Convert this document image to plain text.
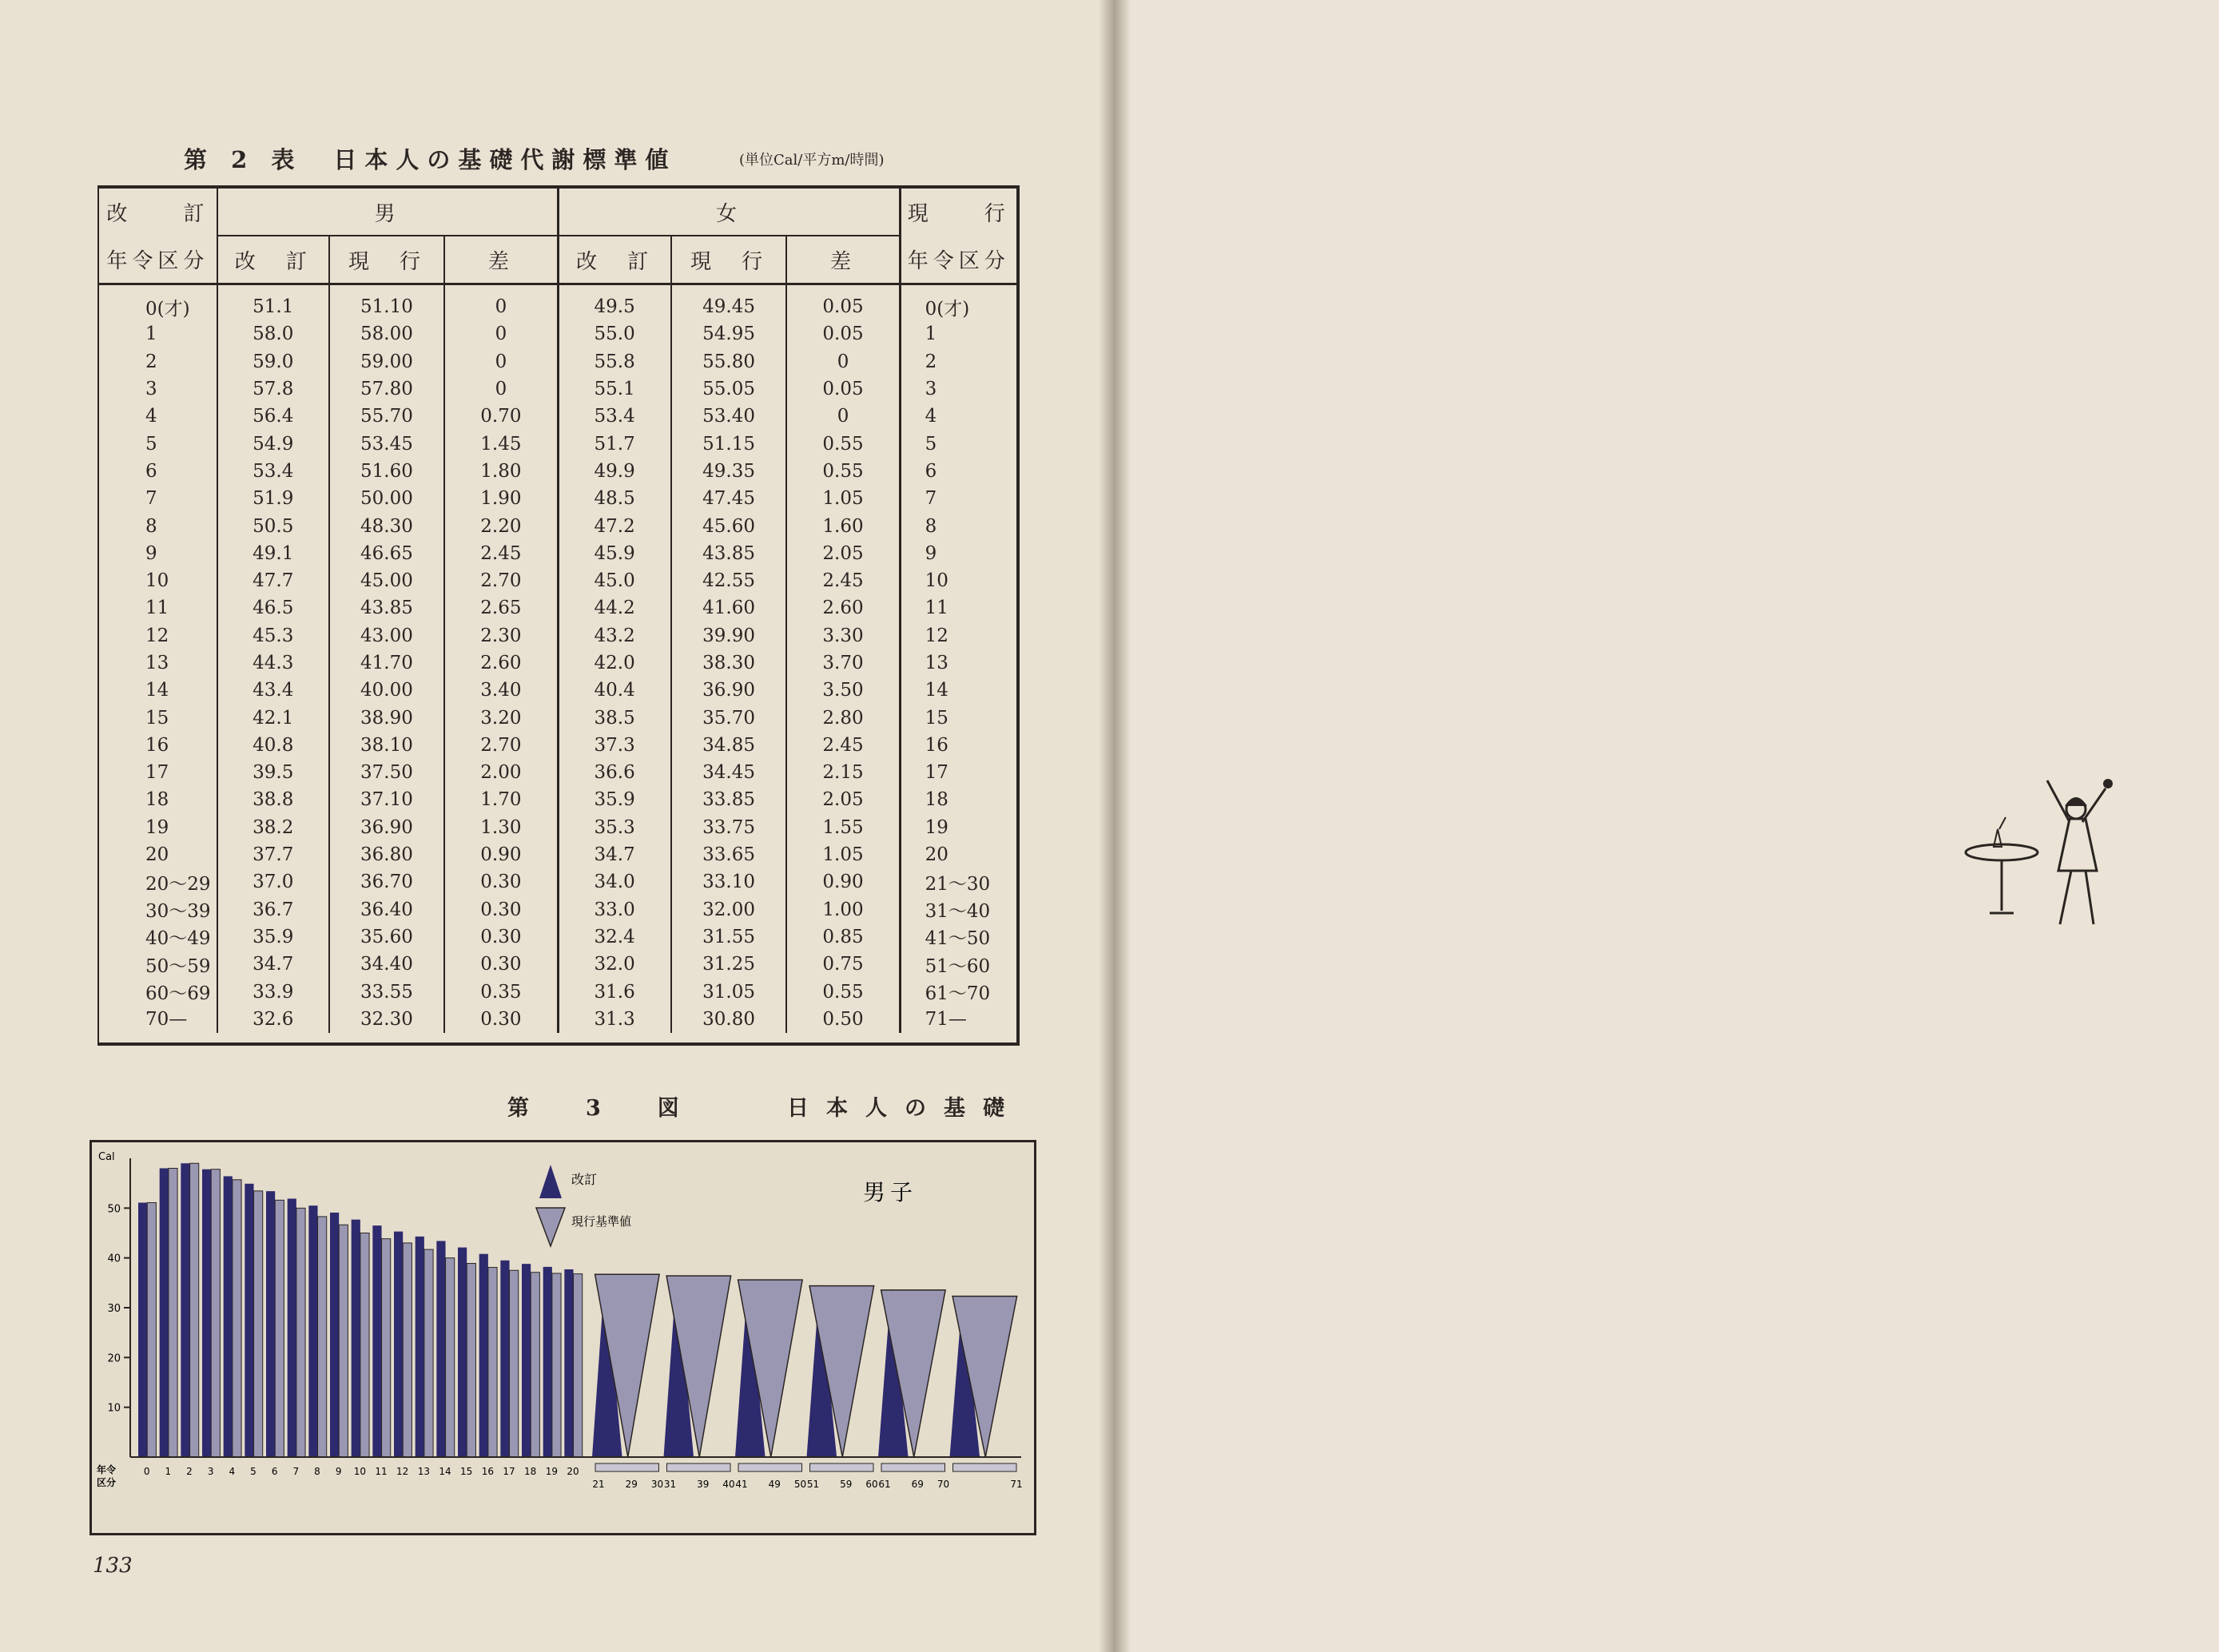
第 2 表　日本人の基礎代謝標準値	(単位Cal/平方m/時間)
改　　訂	男			女			現　　行
年令区分	改　訂	現　行	差	改　訂	現　行	差	年令区分
0(才)	51.1	51.10	0	49.5	49.45	0.05	0(才)
1	58.0	58.00	0	55.0	54.95	0.05	1
2	59.0	59.00	0	55.8	55.80	0	2
3	57.8	57.80	0	55.1	55.05	0.05	3
4	56.4	55.70	0.70	53.4	53.40	0	4
5	54.9	53.45	1.45	51.7	51.15	0.55	5
6	53.4	51.60	1.80	49.9	49.35	0.55	6
7	51.9	50.00	1.90	48.5	47.45	1.05	7
8	50.5	48.30	2.20	47.2	45.60	1.60	8
9	49.1	46.65	2.45	45.9	43.85	2.05	9
10	47.7	45.00	2.70	45.0	42.55	2.45	10
11	46.5	43.85	2.65	44.2	41.60	2.60	11
12	45.3	43.00	2.30	43.2	39.90	3.30	12
13	44.3	41.70	2.60	42.0	38.30	3.70	13
14	43.4	40.00	3.40	40.4	36.90	3.50	14
15	42.1	38.90	3.20	38.5	35.70	2.80	15
16	40.8	38.10	2.70	37.3	34.85	2.45	16
17	39.5	37.50	2.00	36.6	34.45	2.15	17
18	38.8	37.10	1.70	35.9	33.85	2.05	18
19	38.2	36.90	1.30	35.3	33.75	1.55	19
20	37.7	36.80	0.90	34.7	33.65	1.05	20
20～29	37.0	36.70	0.30	34.0	33.10	0.90	21～30
30～39	36.7	36.40	0.30	33.0	32.00	1.00	31～40
40～49	35.9	35.60	0.30	32.4	31.55	0.85	41～50
50～59	34.7	34.40	0.30	32.0	31.25	0.75	51～60
60～69	33.9	33.55	0.35	31.6	31.05	0.55	61～70
70—	32.6	32.30	0.30	31.3	30.80	0.50	71—
第　3　図	日本人の基礎
Cal
10
20
30
40
50
0 1 2 3 4 5 6 7 8 9 10 11 12 13 14 15 16 17 18 19 20
21 29 30 31 39 40 41 49 50 51 59 60 61 69 70	71
年令
区分
改訂
現行基準値
男子
133
